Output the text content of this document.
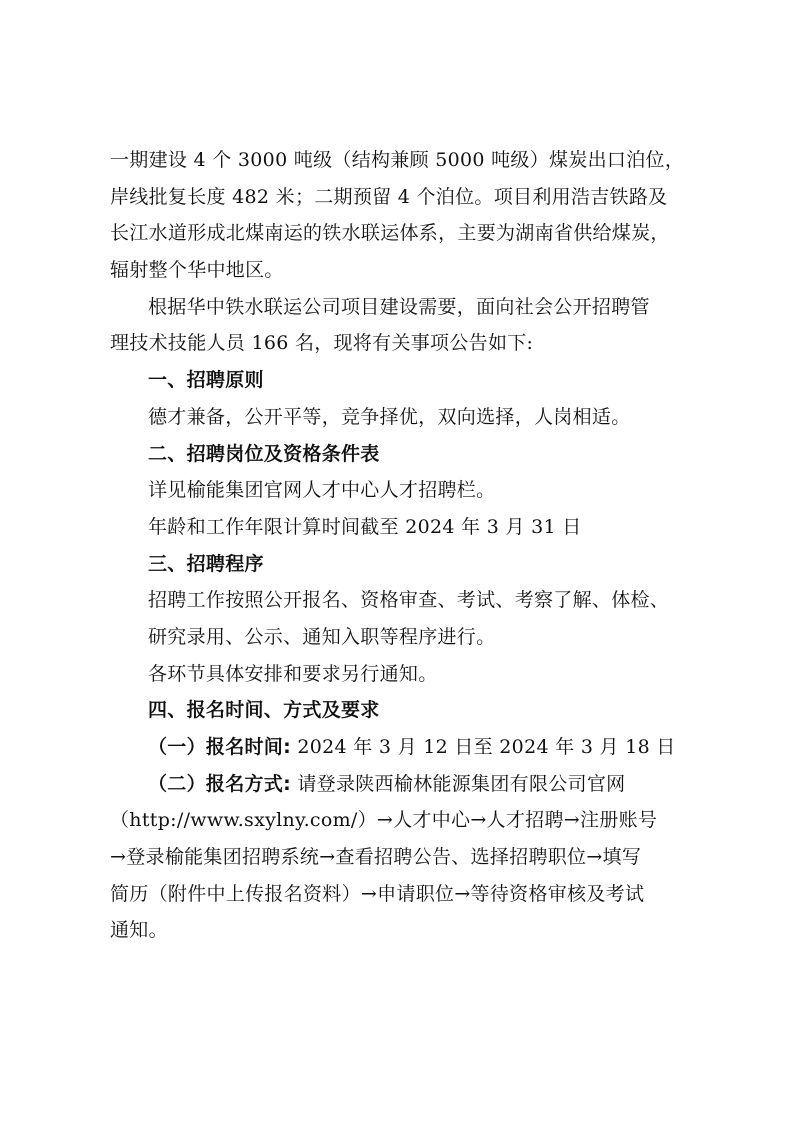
一期建设 4 个 3000 吨级（结构兼顾 5000 吨级）煤炭出口泊位，
岸线批复长度 482 米；二期预留 4 个泊位。项目利用浩吉铁路及
长江水道形成北煤南运的铁水联运体系，主要为湖南省供给煤炭，
辐射整个华中地区。
根据华中铁水联运公司项目建设需要，面向社会公开招聘管
理技术技能人员 166 名，现将有关事项公告如下:
一、招聘原则
德才兼备，公开平等，竞争择优，双向选择，人岗相适。
二、招聘岗位及资格条件表
详见榆能集团官网人才中心人才招聘栏。
年龄和工作年限计算时间截至 2024 年 3 月 31 日
三、招聘程序
招聘工作按照公开报名、资格审查、考试、考察了解、体检、
研究录用、公示、通知入职等程序进行。
各环节具体安排和要求另行通知。
四、报名时间、方式及要求
（一）报名时间: 2024 年 3 月 12 日至 2024 年 3 月 18 日
（二）报名方式: 请登录陕西榆林能源集团有限公司官网
（http://www.sxylny.com/）→人才中心→人才招聘→注册账号
→登录榆能集团招聘系统→查看招聘公告、选择招聘职位→填写
简历（附件中上传报名资料）→申请职位→等待资格审核及考试
通知。
